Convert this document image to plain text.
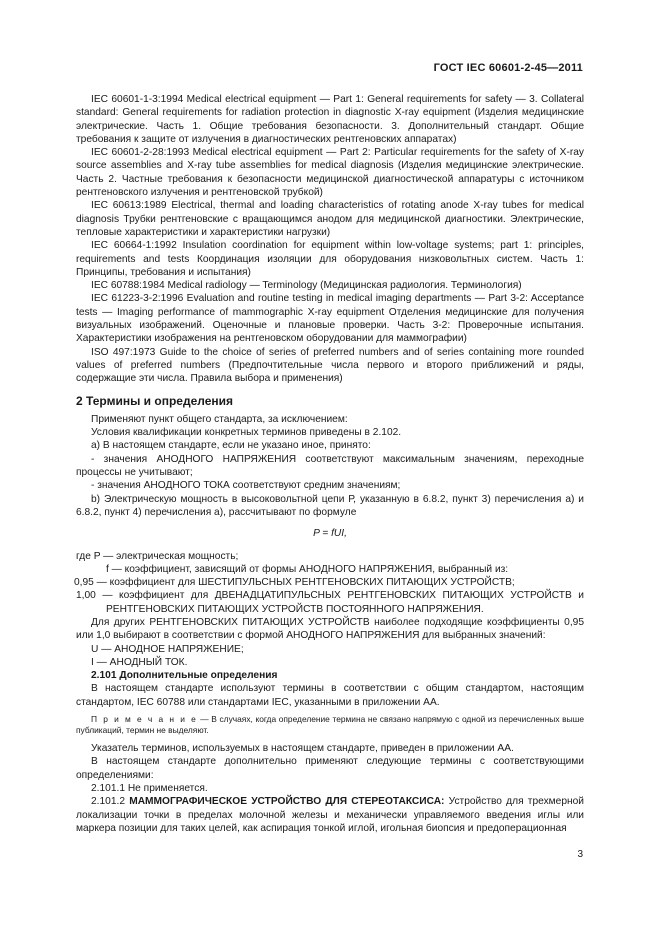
ГОСТ IEC 60601-2-45—2011

IEC 60601-1-3:1994 Medical electrical equipment — Part 1: General requirements for safety — 3. Collateral standard: General requirements for radiation protection in diagnostic X-ray equipment (Изделия медицинские электрические. Часть 1. Общие требования безопасности. 3. Дополнительный стандарт. Общие требования к защите от излучения в диагностических рентгеновских аппаратах)

IEC 60601-2-28:1993 Medical electrical equipment — Part 2: Particular requirements for the safety of X-ray source assemblies and X-ray tube assemblies for medical diagnosis (Изделия медицинские электрические. Часть 2. Частные требования к безопасности медицинской диагностической аппаратуры с источником рентгеновского излучения и рентгеновской трубкой)

IEC 60613:1989 Electrical, thermal and loading characteristics of rotating anode X-ray tubes for medical diagnosis Трубки рентгеновские с вращающимся анодом для медицинской диагностики. Электрические, тепловые характеристики и характеристики нагрузки)

IEC 60664-1:1992 Insulation coordination for equipment within low-voltage systems; part 1: principles, requirements and tests Координация изоляции для оборудования низковольтных систем. Часть 1: Принципы, требования и испытания)

IEC 60788:1984 Medical radiology — Terminology (Медицинская радиология. Терминология)

IEC 61223-3-2:1996 Evaluation and routine testing in medical imaging departments — Part 3-2: Acceptance tests — Imaging performance of mammographic X-ray equipment Отделения медицинские для получения визуальных изображений. Оценочные и плановые проверки. Часть 3-2: Проверочные испытания. Характеристики изображения на рентгеновском оборудовании для маммографии)

ISO 497:1973 Guide to the choice of series of preferred numbers and of series containing more rounded values of preferred numbers (Предпочтительные числа первого и второго приближений и ряды, содержащие эти числа. Правила выбора и применения)

2 Термины и определения

Применяют пункт общего стандарта, за исключением:

Условия квалификации конкретных терминов приведены в 2.102.

а) В настоящем стандарте, если не указано иное, принято:

- значения АНОДНОГО НАПРЯЖЕНИЯ соответствуют максимальным значениям, переходные процессы не учитывают;

- значения АНОДНОГО ТОКА соответствуют средним значениям;

b) Электрическую мощность в высоковольтной цепи Р, указанную в 6.8.2, пункт 3) перечисления а) и 6.8.2, пункт 4) перечисления а), рассчитывают по формуле

P = fUI,

где P — электрическая мощность;

f — коэффициент, зависящий от формы АНОДНОГО НАПРЯЖЕНИЯ, выбранный из:

0,95 — коэффициент для ШЕСТИПУЛЬСНЫХ РЕНТГЕНОВСКИХ ПИТАЮЩИХ УСТРОЙСТВ;

1,00 — коэффициент для ДВЕНАДЦАТИПУЛЬСНЫХ РЕНТГЕНОВСКИХ ПИТАЮЩИХ УСТРОЙСТВ и РЕНТГЕНОВСКИХ ПИТАЮЩИХ УСТРОЙСТВ ПОСТОЯННОГО НАПРЯЖЕНИЯ.

Для других РЕНТГЕНОВСКИХ ПИТАЮЩИХ УСТРОЙСТВ наиболее подходящие коэффициенты 0,95 или 1,0 выбирают в соответствии с формой АНОДНОГО НАПРЯЖЕНИЯ для выбранных значений:

U — АНОДНОЕ НАПРЯЖЕНИЕ;

I — АНОДНЫЙ ТОК.

2.101 Дополнительные определения

В настоящем стандарте используют термины в соответствии с общим стандартом, настоящим стандартом, IEC 60788 или стандартами IEC, указанными в приложении АА.

П р и м е ч а н и е — В случаях, когда определение термина не связано напрямую с одной из перечисленных выше публикаций, термин не выделяют.

Указатель терминов, используемых в настоящем стандарте, приведен в приложении АА.

В настоящем стандарте дополнительно применяют следующие термины с соответствующими определениями:

2.101.1 Не применяется.

2.101.2 МАММОГРАФИЧЕСКОЕ УСТРОЙСТВО ДЛЯ СТЕРЕОТАКСИСА: Устройство для трехмерной локализации точки в пределах молочной железы и механически управляемого введения иглы или маркера позиции для таких целей, как аспирация тонкой иглой, игольная биопсия и предоперационная

3
